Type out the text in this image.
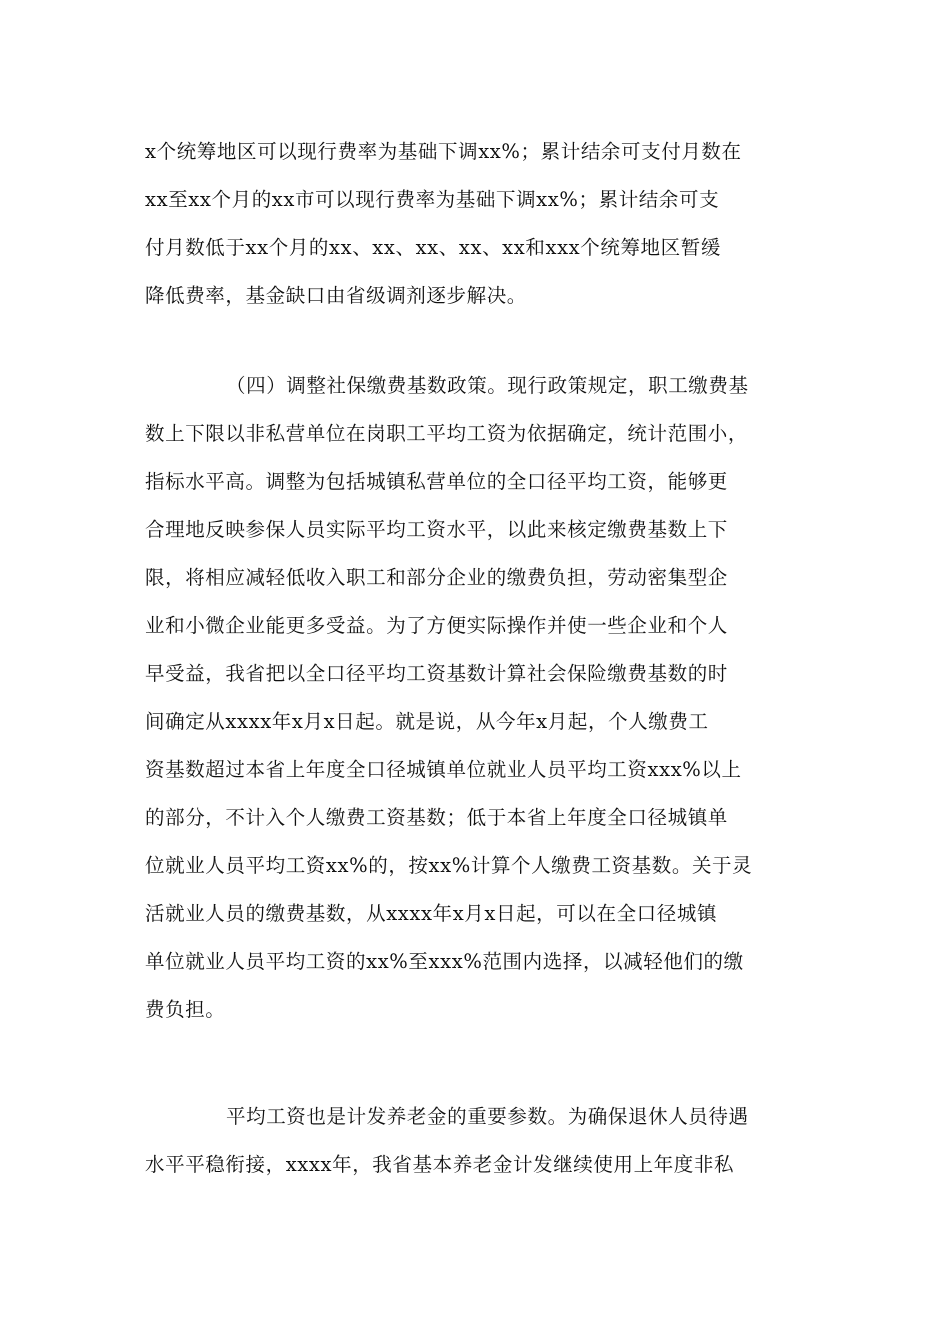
x个统筹地区可以现行费率为基础下调xx%；累计结余可支付月数在
xx至xx个月的xx市可以现行费率为基础下调xx%；累计结余可支
付月数低于xx个月的xx、xx、xx、xx、xx和xxx个统筹地区暂缓
降低费率，基金缺口由省级调剂逐步解决。
（四）调整社保缴费基数政策。现行政策规定，职工缴费基
数上下限以非私营单位在岗职工平均工资为依据确定，统计范围小，
指标水平高。调整为包括城镇私营单位的全口径平均工资，能够更
合理地反映参保人员实际平均工资水平，以此来核定缴费基数上下
限，将相应减轻低收入职工和部分企业的缴费负担，劳动密集型企
业和小微企业能更多受益。为了方便实际操作并使一些企业和个人
早受益，我省把以全口径平均工资基数计算社会保险缴费基数的时
间确定从xxxx年x月x日起。就是说，从今年x月起，个人缴费工
资基数超过本省上年度全口径城镇单位就业人员平均工资xxx%以上
的部分，不计入个人缴费工资基数；低于本省上年度全口径城镇单
位就业人员平均工资xx%的，按xx%计算个人缴费工资基数。关于灵
活就业人员的缴费基数，从xxxx年x月x日起，可以在全口径城镇
单位就业人员平均工资的xx%至xxx%范围内选择，以减轻他们的缴
费负担。
平均工资也是计发养老金的重要参数。为确保退休人员待遇
水平平稳衔接，xxxx年，我省基本养老金计发继续使用上年度非私
